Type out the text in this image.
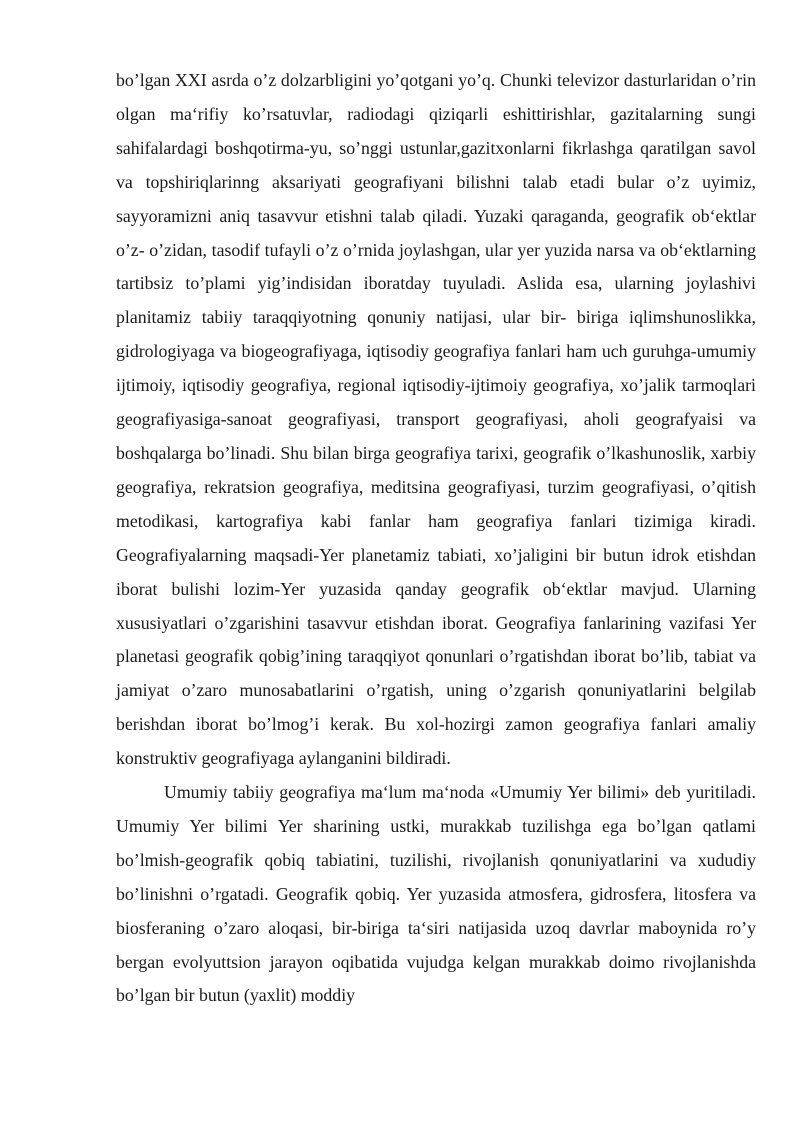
bo’lgan XXI asrda o’z dolzarbligini yo’qotgani yo’q. Chunki televizor dasturlaridan o’rin olgan ma‘rifiy ko’rsatuvlar, radiodagi qiziqarli eshittirishlar, gazitalarning sungi sahifalardagi boshqotirma-yu, so’nggi ustunlar,gazitxonlarni fikrlashga qaratilgan savol va topshiriqlarinng aksariyati geografiyani bilishni talab etadi bular o’z uyimiz, sayyoramizni aniq tasavvur etishni talab qiladi. Yuzaki qaraganda, geografik ob‘ektlar o’z- o’zidan, tasodif tufayli o’z o’rnida joylashgan, ular yer yuzida narsa va ob‘ektlarning tartibsiz to’plami yig’indisidan iboratday tuyuladi. Aslida esa, ularning joylashivi planitamiz tabiiy taraqqiyotning qonuniy natijasi, ular bir- biriga iqlimshunoslikka, gidrologiyaga va biogeografiyaga, iqtisodiy geografiya fanlari ham uch guruhga-umumiy ijtimoiy, iqtisodiy geografiya, regional iqtisodiy-ijtimoiy geografiya, xo’jalik tarmoqlari geografiyasiga-sanoat geografiyasi, transport geografiyasi, aholi geografyaisi va boshqalarga bo’linadi. Shu bilan birga geografiya tarixi, geografik o’lkashunoslik, xarbiy geografiya, rekratsion geografiya, meditsina geografiyasi, turzim geografiyasi, o’qitish metodikasi, kartografiya kabi fanlar ham geografiya fanlari tizimiga kiradi. Geografiyalarning maqsadi-Yer planetamiz tabiati, xo’jaligini bir butun idrok etishdan iborat bulishi lozim-Yer yuzasida qanday geografik ob‘ektlar mavjud. Ularning xususiyatlari o’zgarishini tasavvur etishdan iborat. Geografiya fanlarining vazifasi Yer planetasi geografik qobig’ining taraqqiyot qonunlari o’rgatishdan iborat bo’lib, tabiat va jamiyat o’zaro munosabatlarini o’rgatish, uning o’zgarish qonuniyatlarini belgilab berishdan iborat bo’lmog’i kerak. Bu xol-hozirgi zamon geografiya fanlari amaliy konstruktiv geografiyaga aylanganini bildiradi.

Umumiy tabiiy geografiya ma‘lum ma‘noda «Umumiy Yer bilimi» deb yuritiladi. Umumiy Yer bilimi Yer sharining ustki, murakkab tuzilishga ega bo’lgan qatlami bo’lmish-geografik qobiq tabiatini, tuzilishi, rivojlanish qonuniyatlarini va xududiy bo’linishni o’rgatadi. Geografik qobiq. Yer yuzasida atmosfera, gidrosfera, litosfera va biosferaning o’zaro aloqasi, bir-biriga ta‘siri natijasida uzoq davrlar maboynida ro’y bergan evolyuttsion jarayon oqibatida vujudga kelgan murakkab doimo rivojlanishda bo’lgan bir butun (yaxlit) moddiy
